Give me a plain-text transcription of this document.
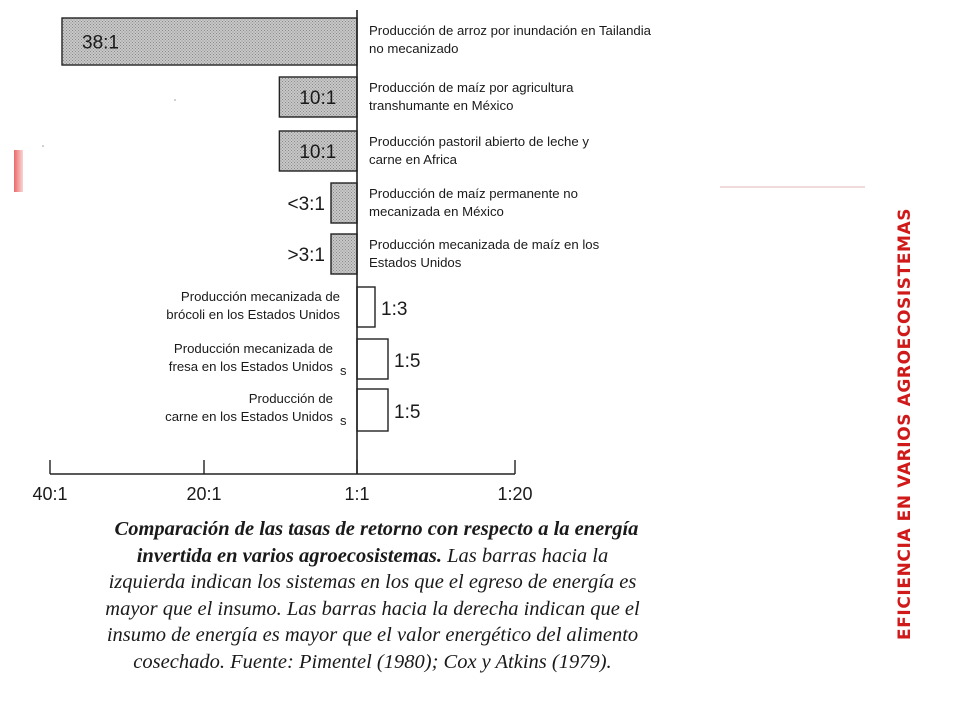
38:1
Producción de arroz por inundación en Tailandia
no mecanizado
10:1
Producción de maíz por agricultura
transhumante en México
10:1
Producción pastoril abierto de leche y
carne en Africa
<3:1
Producción de maíz permanente no
mecanizada en México
>3:1
Producción mecanizada de maíz en los
Estados Unidos
1:3
Producción mecanizada de
brócoli en los Estados Unidos
1:5
Producción mecanizada de
fresa en los Estados Unidos s
1:5
Producción de
carne en los Estados Unidos s
40:1	20:1	1:1	1:20	EFICIENCIA EN VARIOS AGROECOSISTEMAS
Comparación de las tasas de retorno con respecto a la energía invertida en varios agroecosistemas. Las barras hacia la izquierda indican los sistemas en los que el egreso de energía es mayor que el insumo. Las barras hacia la derecha indican que el insumo de energía es mayor que el valor energético del alimento cosechado. Fuente: Pimentel (1980); Cox y Atkins (1979).
